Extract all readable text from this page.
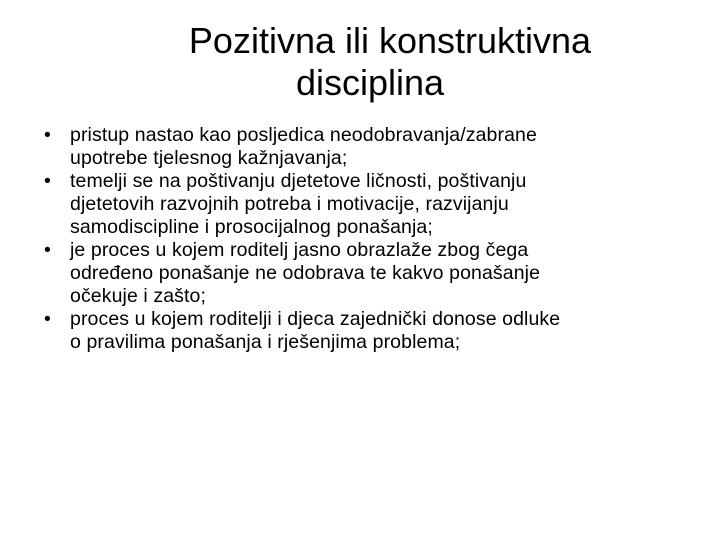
Pozitivna ili konstruktivna
disciplina
• pristup nastao kao posljedica neodobravanja/zabrane
upotrebe tjelesnog kažnjavanja;
• temelji se na poštivanju djetetove ličnosti, poštivanju
djetetovih razvojnih potreba i motivacije, razvijanju
samodiscipline i prosocijalnog ponašanja;
• je proces u kojem roditelj jasno obrazlaže zbog čega
određeno ponašanje ne odobrava te kakvo ponašanje
očekuje i zašto;
• proces u kojem roditelji i djeca zajednički donose odluke
o pravilima ponašanja i rješenjima problema;
